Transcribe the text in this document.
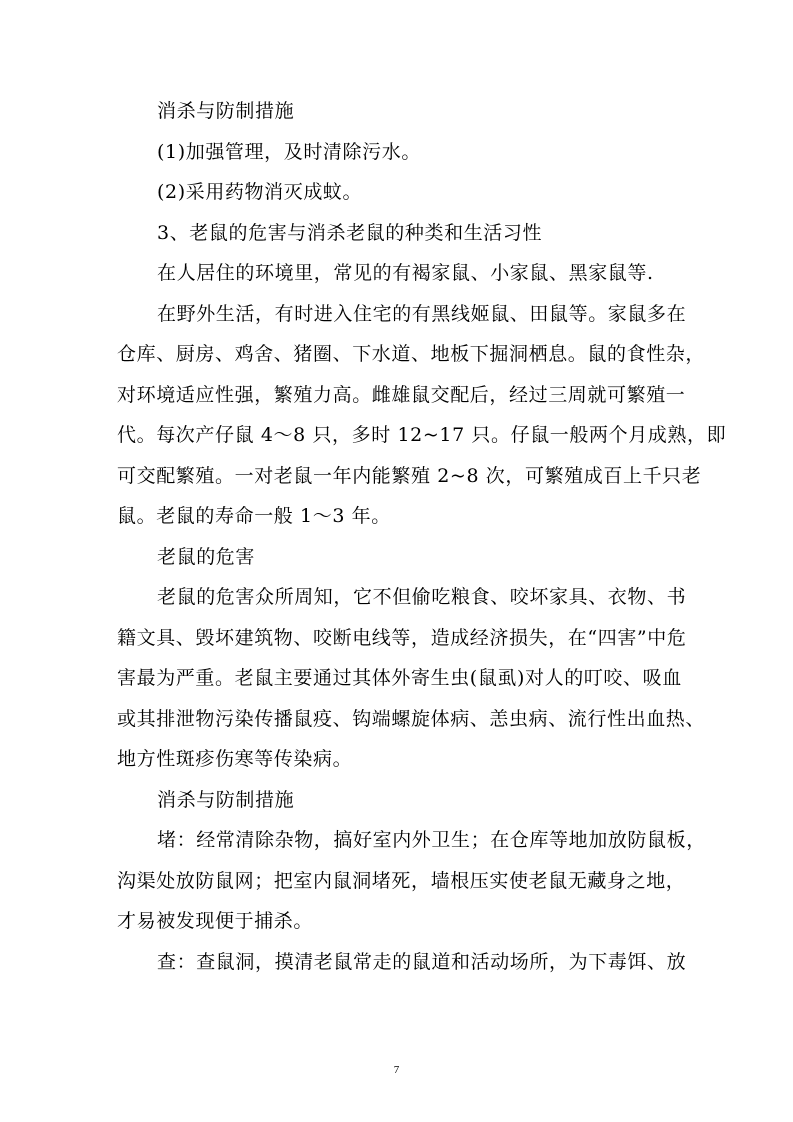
消杀与防制措施
(1)加强管理，及时清除污水。
(2)采用药物消灭成蚊。
3、老鼠的危害与消杀老鼠的种类和生活习性
在人居住的环境里，常见的有褐家鼠、小家鼠、黑家鼠等.
在野外生活，有时进入住宅的有黑线姬鼠、田鼠等。家鼠多在
仓库、厨房、鸡舍、猪圈、下水道、地板下掘洞栖息。鼠的食性杂，
对环境适应性强，繁殖力高。雌雄鼠交配后，经过三周就可繁殖一
代。每次产仔鼠 4～8 只，多时 12~17 只。仔鼠一般两个月成熟，即
可交配繁殖。一对老鼠一年内能繁殖 2~8 次，可繁殖成百上千只老
鼠。老鼠的寿命一般 1～3 年。
老鼠的危害
老鼠的危害众所周知，它不但偷吃粮食、咬坏家具、衣物、书
籍文具、毁坏建筑物、咬断电线等，造成经济损失，在“四害”中危
害最为严重。老鼠主要通过其体外寄生虫(鼠虱)对人的叮咬、吸血
或其排泄物污染传播鼠疫、钩端螺旋体病、恙虫病、流行性出血热、
地方性斑疹伤寒等传染病。
消杀与防制措施
堵：经常清除杂物，搞好室内外卫生；在仓库等地加放防鼠板，
沟渠处放防鼠网；把室内鼠洞堵死，墙根压实使老鼠无藏身之地，
才易被发现便于捕杀。
查：查鼠洞，摸清老鼠常走的鼠道和活动场所，为下毒饵、放
7
